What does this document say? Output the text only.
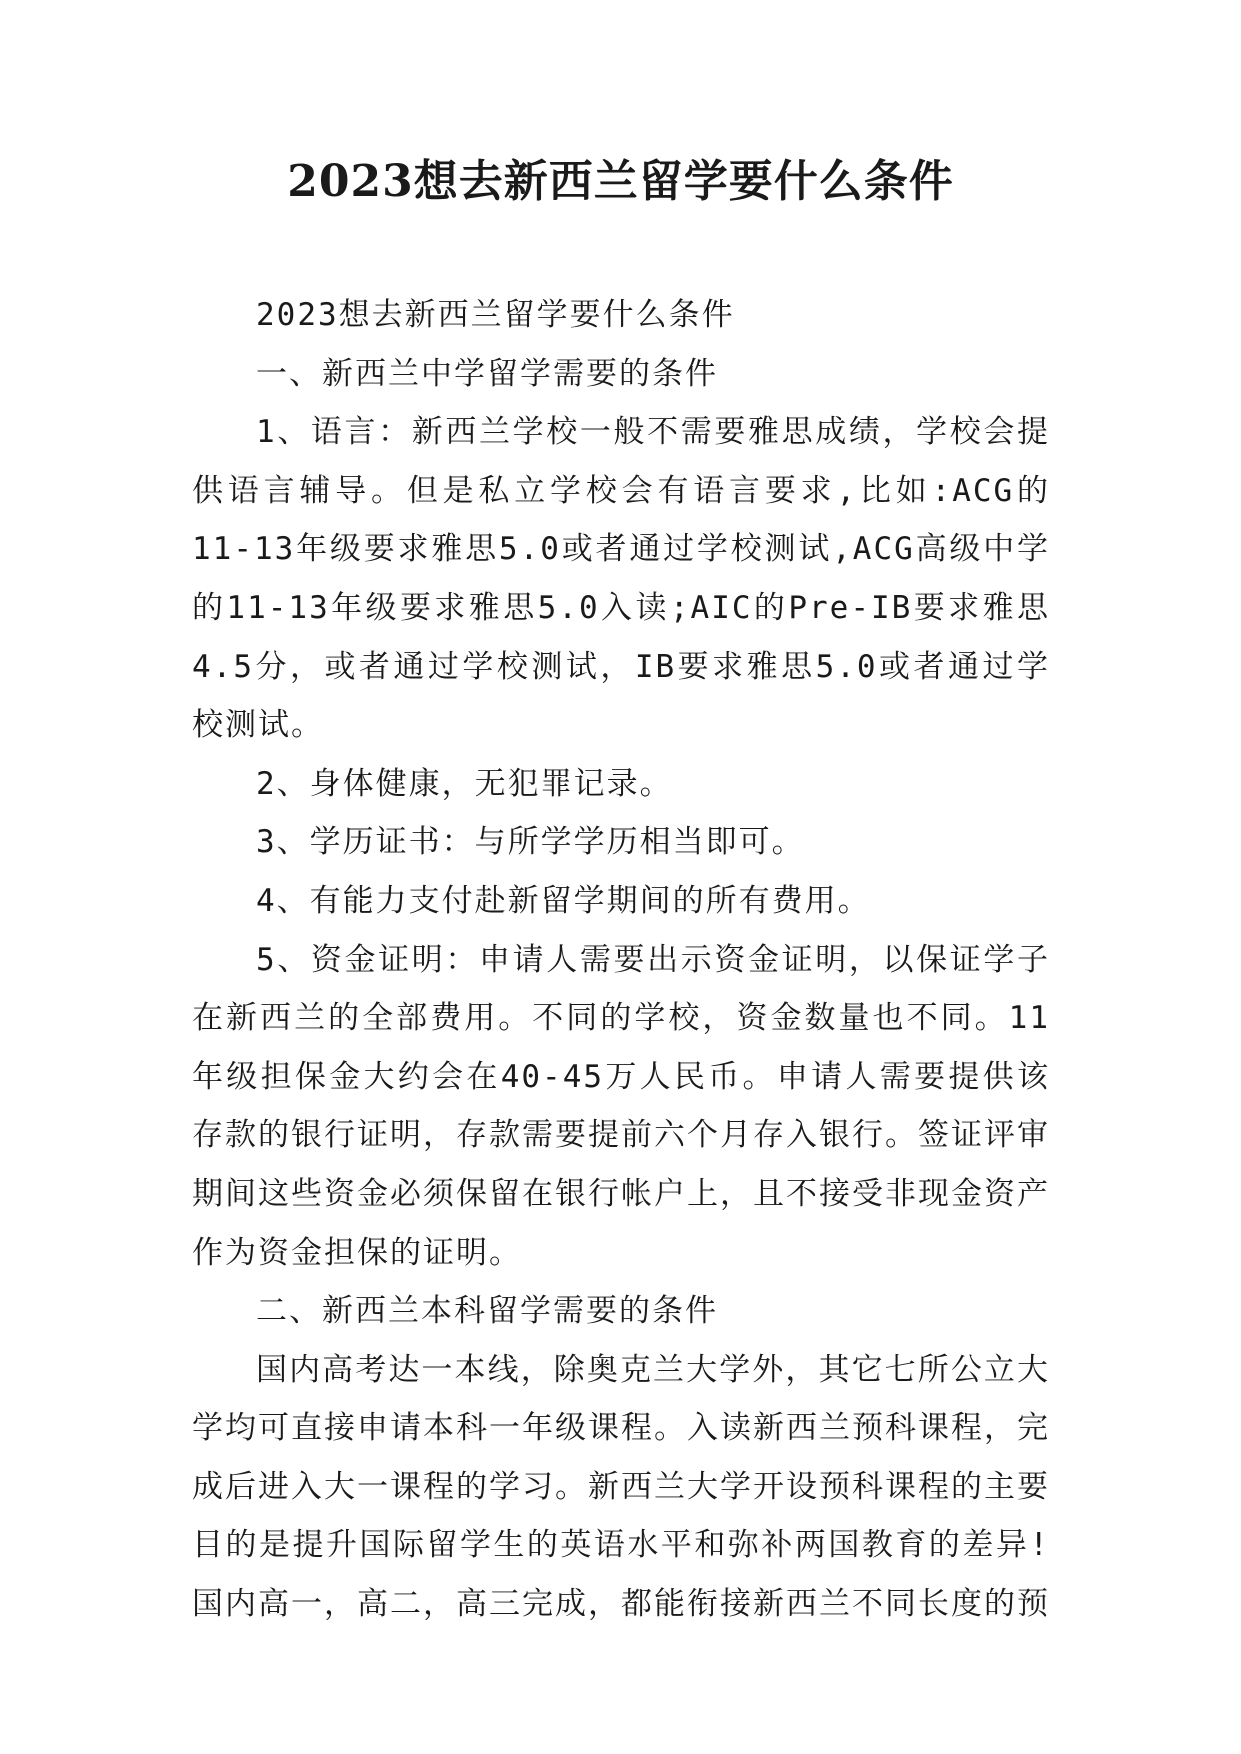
2023想去新西兰留学要什么条件

2023想去新西兰留学要什么条件

一、新西兰中学留学需要的条件

1、语言：新西兰学校一般不需要雅思成绩，学校会提供语言辅导。但是私立学校会有语言要求,比如:ACG的11-13年级要求雅思5.0或者通过学校测试,ACG高级中学的11-13年级要求雅思5.0入读;AIC的Pre-IB要求雅思4.5分，或者通过学校测试，IB要求雅思5.0或者通过学校测试。

2、身体健康，无犯罪记录。

3、学历证书：与所学学历相当即可。

4、有能力支付赴新留学期间的所有费用。

5、资金证明：申请人需要出示资金证明，以保证学子在新西兰的全部费用。不同的学校，资金数量也不同。11年级担保金大约会在40-45万人民币。申请人需要提供该存款的银行证明，存款需要提前六个月存入银行。签证评审期间这些资金必须保留在银行帐户上，且不接受非现金资产作为资金担保的证明。

二、新西兰本科留学需要的条件

国内高考达一本线，除奥克兰大学外，其它七所公立大学均可直接申请本科一年级课程。入读新西兰预科课程，完成后进入大一课程的学习。新西兰大学开设预科课程的主要目的是提升国际留学生的英语水平和弥补两国教育的差异!国内高一，高二，高三完成，都能衔接新西兰不同长度的预
